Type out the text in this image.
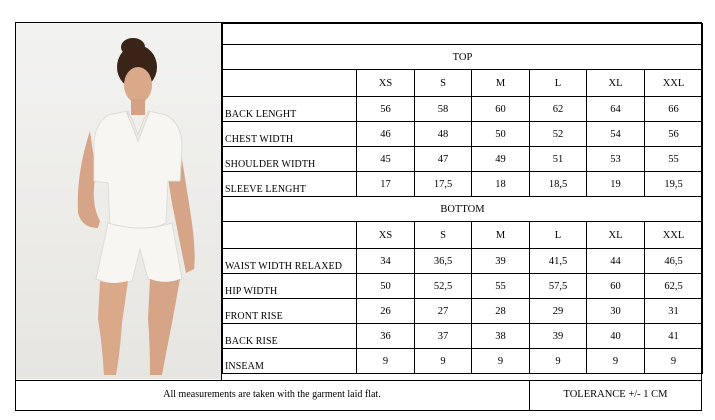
TOP						
	XS	S	M	L	XL	XXL
BACK LENGHT	56	58	60	62	64	66
CHEST WIDTH	46	48	50	52	54	56
SHOULDER WIDTH	45	47	49	51	53	55
SLEEVE LENGHT	17	17,5	18	18,5	19	19,5
BOTTOM						
	XS	S	M	L	XL	XXL
WAIST WIDTH RELAXED	34	36,5	39	41,5	44	46,5
HIP WIDTH	50	52,5	55	57,5	60	62,5
FRONT RISE	26	27	28	29	30	31
BACK RISE	36	37	38	39	40	41
INSEAM	9	9	9	9	9	9
All measurements are taken with the garment laid flat.	TOLERANCE +/- 1 CM
